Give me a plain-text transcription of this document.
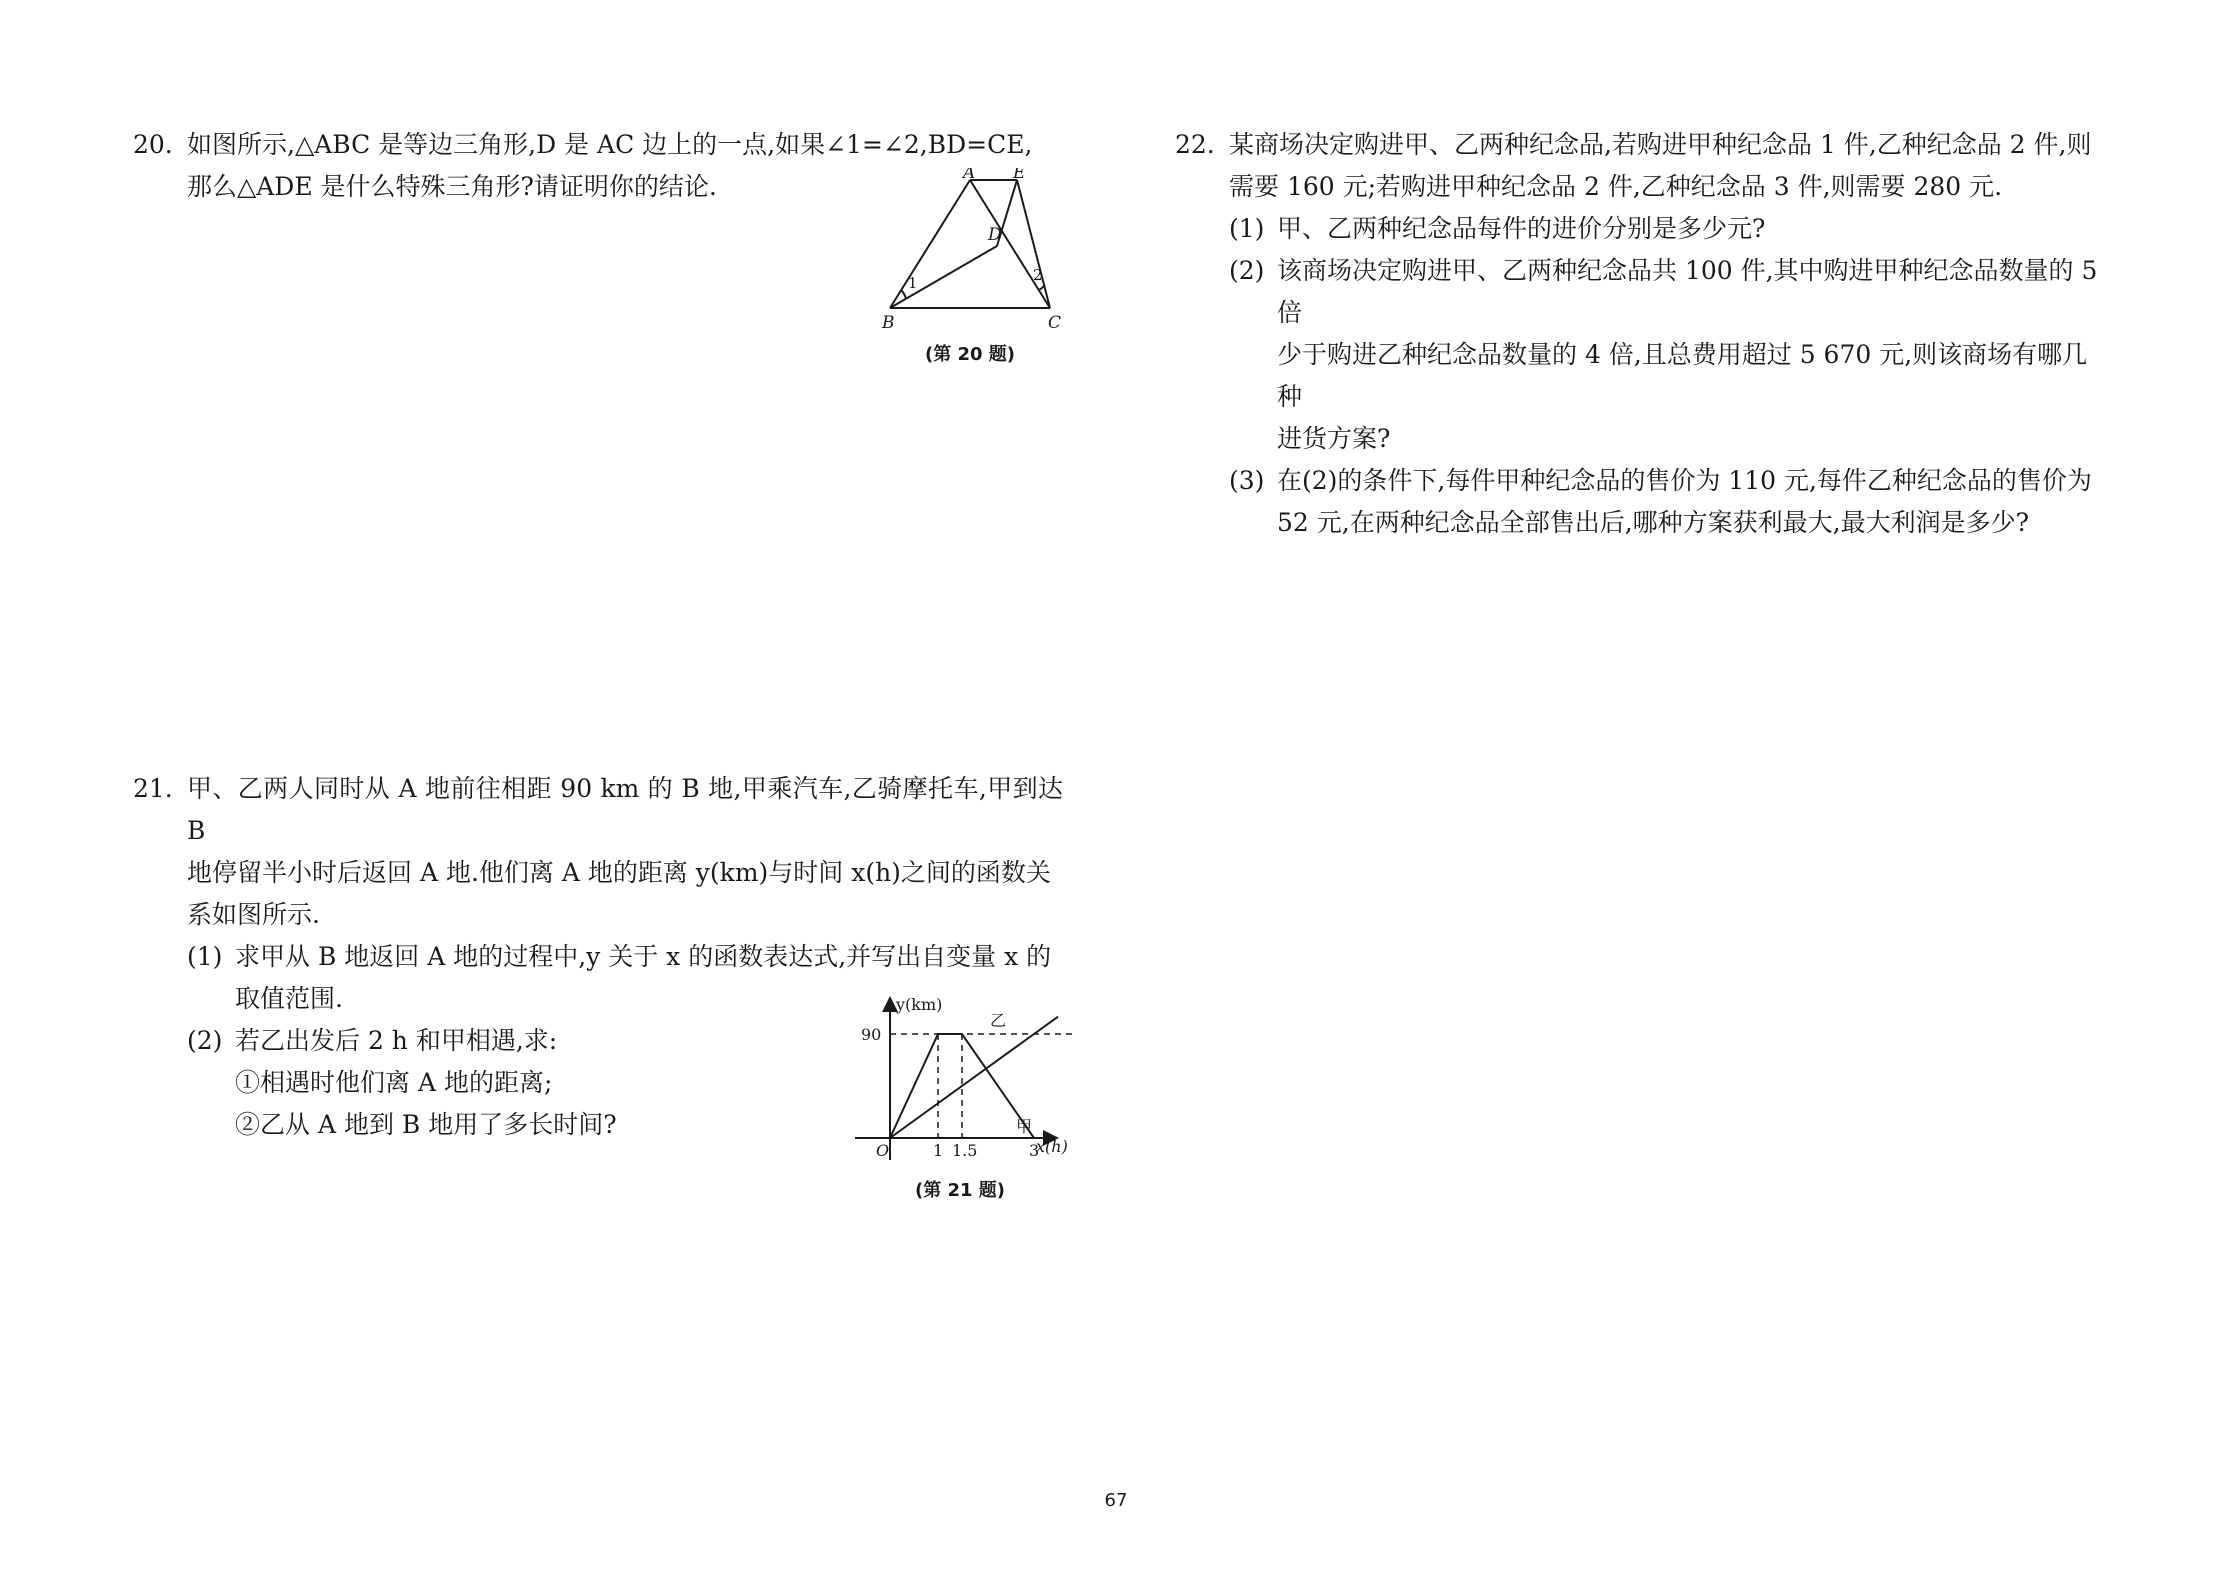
20. 如图所示,△ABC 是等边三角形,D 是 AC 边上的一点,如果∠1=∠2,BD=CE,
那么△ADE 是什么特殊三角形?请证明你的结论.	A E
D
B	C
1	2
(第 20 题)
21. 甲、乙两人同时从 A 地前往相距 90 km 的 B 地,甲乘汽车,乙骑摩托车,甲到达 B
地停留半小时后返回 A 地.他们离 A 地的距离 y(km)与时间 x(h)之间的函数关
系如图所示.
(1) 求甲从 B 地返回 A 地的过程中,y 关于 x 的函数表达式,并写出自变量 x 的
取值范围.
(2) 若乙出发后 2 h 和甲相遇,求:
①相遇时他们离 A 地的距离;
②乙从 A 地到 B 地用了多长时间?
y(km)
x(h)
O
90
1 1.5	3
乙
甲
(第 21 题)
22. 某商场决定购进甲、乙两种纪念品,若购进甲种纪念品 1 件,乙种纪念品 2 件,则
需要 160 元;若购进甲种纪念品 2 件,乙种纪念品 3 件,则需要 280 元.
(1) 甲、乙两种纪念品每件的进价分别是多少元?
(2) 该商场决定购进甲、乙两种纪念品共 100 件,其中购进甲种纪念品数量的 5 倍
少于购进乙种纪念品数量的 4 倍,且总费用超过 5 670 元,则该商场有哪几种
进货方案?
(3) 在(2)的条件下,每件甲种纪念品的售价为 110 元,每件乙种纪念品的售价为
52 元,在两种纪念品全部售出后,哪种方案获利最大,最大利润是多少?
67
